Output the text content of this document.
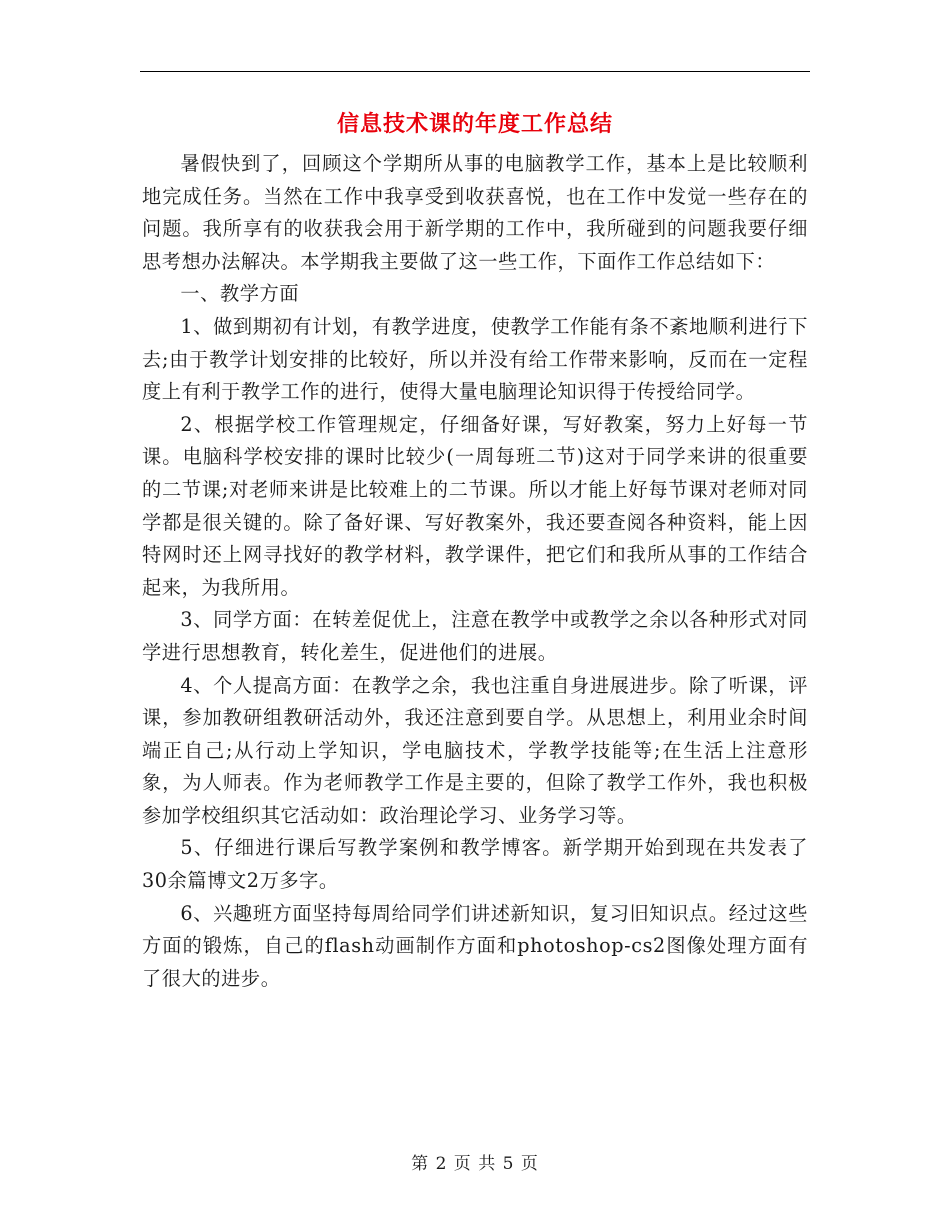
信息技术课的年度工作总结

暑假快到了，回顾这个学期所从事的电脑教学工作，基本上是比较顺利地完成任务。当然在工作中我享受到收获喜悦，也在工作中发觉一些存在的问题。我所享有的收获我会用于新学期的工作中，我所碰到的问题我要仔细思考想办法解决。本学期我主要做了这一些工作，下面作工作总结如下：

一、教学方面

1、做到期初有计划，有教学进度，使教学工作能有条不紊地顺利进行下去;由于教学计划安排的比较好，所以并没有给工作带来影响，反而在一定程度上有利于教学工作的进行，使得大量电脑理论知识得于传授给同学。

2、根据学校工作管理规定，仔细备好课，写好教案，努力上好每一节课。电脑科学校安排的课时比较少(一周每班二节)这对于同学来讲的很重要的二节课;对老师来讲是比较难上的二节课。所以才能上好每节课对老师对同学都是很关键的。除了备好课、写好教案外，我还要查阅各种资料，能上因特网时还上网寻找好的教学材料，教学课件，把它们和我所从事的工作结合起来，为我所用。

3、同学方面：在转差促优上，注意在教学中或教学之余以各种形式对同学进行思想教育，转化差生，促进他们的进展。

4、个人提高方面：在教学之余，我也注重自身进展进步。除了听课，评课，参加教研组教研活动外，我还注意到要自学。从思想上，利用业余时间端正自己;从行动上学知识，学电脑技术，学教学技能等;在生活上注意形象，为人师表。作为老师教学工作是主要的，但除了教学工作外，我也积极参加学校组织其它活动如：政治理论学习、业务学习等。

5、仔细进行课后写教学案例和教学博客。新学期开始到现在共发表了30余篇博文2万多字。

6、兴趣班方面坚持每周给同学们讲述新知识，复习旧知识点。经过这些方面的锻炼，自己的flash动画制作方面和photoshop-cs2图像处理方面有了很大的进步。

第 2 页 共 5 页
